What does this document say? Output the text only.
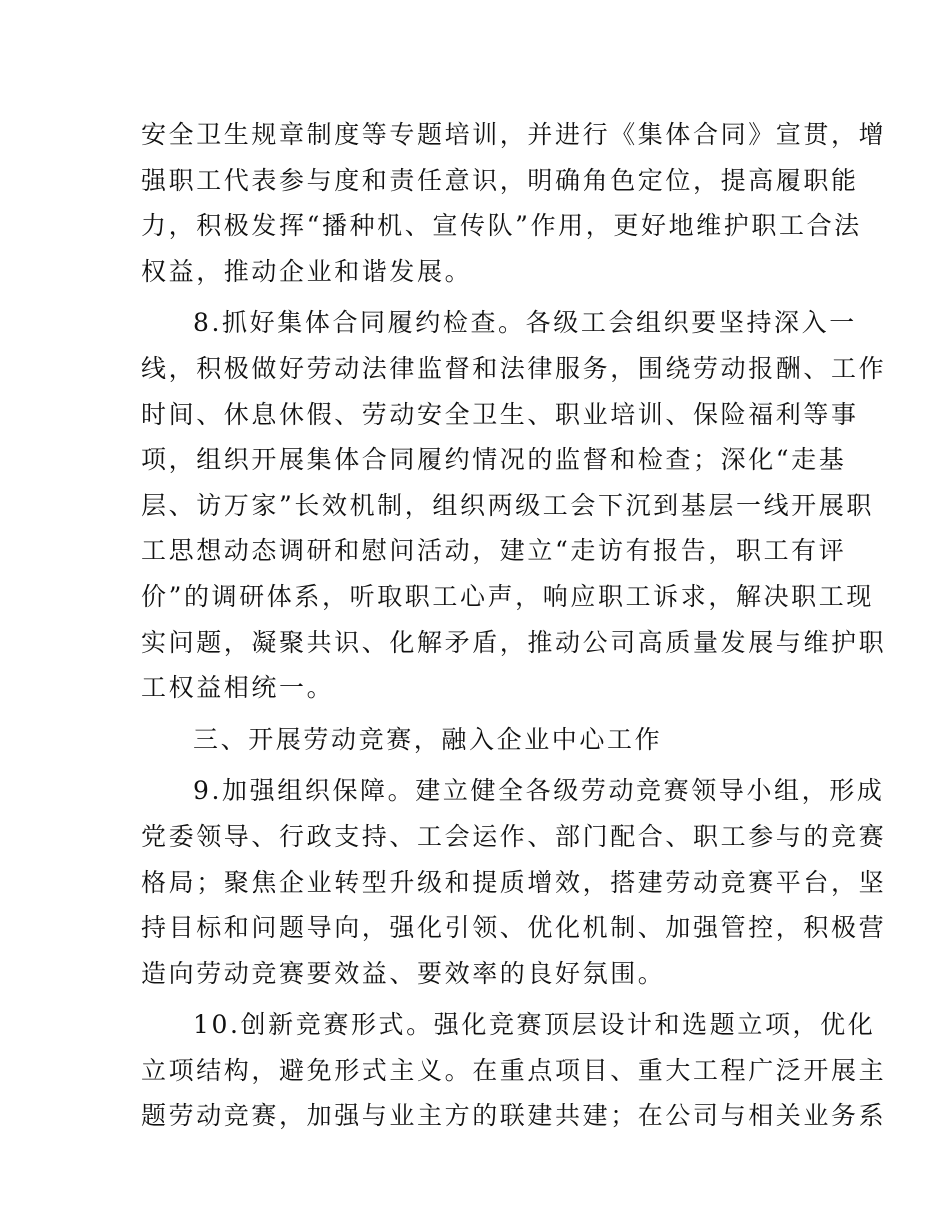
安全卫生规章制度等专题培训，并进行《集体合同》宣贯，增
强职工代表参与度和责任意识，明确角色定位，提高履职能
力，积极发挥“播种机、宣传队”作用，更好地维护职工合法
权益，推动企业和谐发展。
8.抓好集体合同履约检查。各级工会组织要坚持深入一
线，积极做好劳动法律监督和法律服务，围绕劳动报酬、工作
时间、休息休假、劳动安全卫生、职业培训、保险福利等事
项，组织开展集体合同履约情况的监督和检查；深化“走基
层、访万家”长效机制，组织两级工会下沉到基层一线开展职
工思想动态调研和慰问活动，建立“走访有报告，职工有评
价”的调研体系，听取职工心声，响应职工诉求，解决职工现
实问题，凝聚共识、化解矛盾，推动公司高质量发展与维护职
工权益相统一。
三、开展劳动竞赛，融入企业中心工作
9.加强组织保障。建立健全各级劳动竞赛领导小组，形成
党委领导、行政支持、工会运作、部门配合、职工参与的竞赛
格局；聚焦企业转型升级和提质增效，搭建劳动竞赛平台，坚
持目标和问题导向，强化引领、优化机制、加强管控，积极营
造向劳动竞赛要效益、要效率的良好氛围。
10.创新竞赛形式。强化竞赛顶层设计和选题立项，优化
立项结构，避免形式主义。在重点项目、重大工程广泛开展主
题劳动竞赛，加强与业主方的联建共建；在公司与相关业务系
